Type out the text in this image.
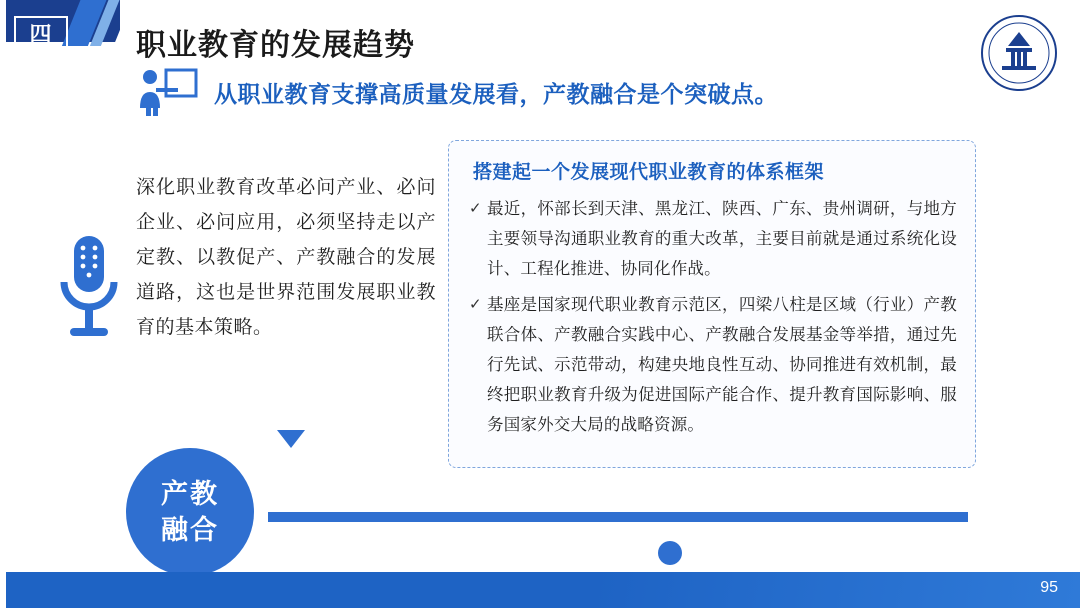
四	职业教育的发展趋势
从职业教育支撑高质量发展看，产教融合是个突破点。
深化职业教育改革必问产业、必问企业、必问应用，必须坚持走以产定教、以教促产、产教融合的发展道路，这也是世界范围发展职业教育的基本策略。
搭建起一个发展现代职业教育的体系框架
✓ 最近，怀部长到天津、黑龙江、陕西、广东、贵州调研，与地方主要领导沟通职业教育的重大改革，主要目前就是通过系统化设计、工程化推进、协同化作战。
✓ 基座是国家现代职业教育示范区，四梁八柱是区域（行业）产教联合体、产教融合实践中心、产教融合发展基金等举措，通过先行先试、示范带动，构建央地良性互动、协同推进有效机制，最终把职业教育升级为促进国际产能合作、提升教育国际影响、服务国家外交大局的战略资源。
产教
融合
95
